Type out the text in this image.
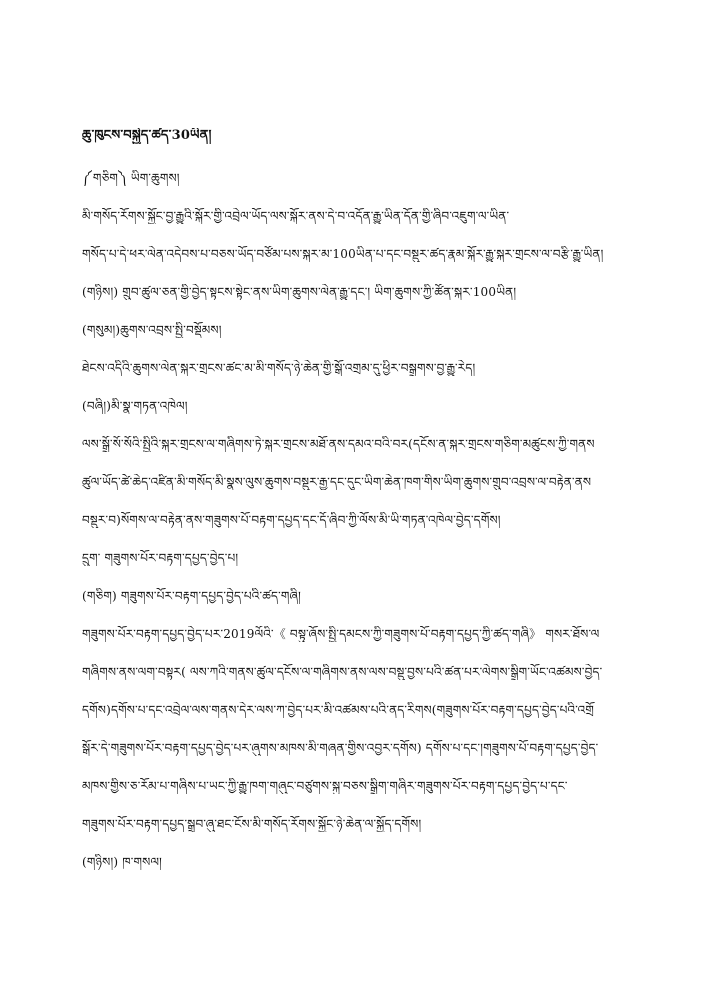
ཆུ་ཁུངས་བསྐྱེད་ཚད་30ཡིན།
༼གཅིག༽ ཡིག་ཆུགས།
མི་གསོད་རོགས་སྐྱོང་བྱ་རྒྱུའི་སྐོར་གྱི་འབྲེལ་ཡོད་ལས་སྐོར་ནས་དེ་བ་འདོན་རྒྱུ་ཡིན་དོན་གྱི་ཞིབ་འཇུག་ལ་ཡིན་
གསོད་པ་དེ་ཕར་ལེན་འདེབས་པ་བཅས་ཡོད་བཙོམ་པས་སྐར་མ་100ཡིན་པ་དང་བསྡུར་ཚད་རྣམ་སྐོར་རྒྱུ་སྐར་གྲངས་ལ་བརྩི་རྒྱུ་ཡིན།
(གཉིས།) གྲུབ་ཚུལ་ཅན་གྱི་བྱེད་སྟངས་སྟེང་ནས་ཡིག་ཆུགས་ལེན་རྒྱུ་དང་། ཡིག་ཆུགས་ཀྱི་ཚོན་སྐར་100ཡིན།
(གསུམ།)ཆུགས་འབྲས་སྤྱི་བསྡོམས།
ཐེངས་འདིའི་ཆུགས་ལེན་སྐར་གྲངས་ཚང་མ་མི་གསོད་ཉེ་ཆེན་གྱི་སྒོ་འགྲམ་དུ་ཕྱིར་བསྒྲགས་བྱ་རྒྱུ་རེད།
(བཞི།)མི་སྣ་གཏན་འཁེལ།
ལས་སྒྲོ་སོ་སོའི་སྤྱིའི་སྐར་གྲངས་ལ་གཞིགས་ཏེ་སྐར་གྲངས་མཐོ་ནས་དམའ་བའི་བར(དངོས་ན་སྐར་གྲངས་གཅིག་མཚུངས་ཀྱི་གནས
ཚུལ་ཡོད་ཚེ་ཆེད་འཛིན་མི་གསོད་མི་སྣས་ལུས་ཆུགས་བསྡུར་རྒྱ་དང་དུང་ཡིག་ཆེན་ཁག་གིས་ཡིག་ཆུགས་གྲུབ་འབྲས་ལ་བརྟེན་ནས
བསྡུར་བ)སོགས་ལ་བརྟེན་ནས་གཟུགས་པོ་བརྟག་དཔྱད་དང་དོ་ཞིབ་ཀྱི་ལོས་མི་ཡི་གཏན་འཁེལ་བྱེད་དགོས།
དྲུག་ གཟུགས་པོར་བརྟག་དཔྱད་བྱེད་པ།
(གཅིག) གཟུགས་པོར་བརྟག་དཔྱད་བྱེད་པའི་ཚད་གཞི།
གཟུགས་པོར་བརྟག་དཔྱད་བྱེད་པར་2019ལོའི་《 བསྟུ་ཞོས་སྤྱི་དམངས་ཀྱི་གཟུགས་པོ་བརྟག་དཔྱད་ཀྱི་ཚད་གཞི》 གསར་ཐོས་ལ
གཞིགས་ནས་ལག་བསྟར( ལས་ཀའི་གནས་ཚུལ་དངོས་ལ་གཞིགས་ནས་ལས་བསྡུ་བྱས་པའི་ཚན་པར་ལེགས་སྒྲིག་ཡོང་འཚམས་བྱེད་
དགོས)དགོས་པ་དང་འབྲེལ་ལས་གནས་དེར་ལས་ཀ་བྱེད་པར་མི་འཚམས་པའི་ནད་རིགས(གཟུགས་པོར་བརྟག་དཔྱད་བྱེད་པའི་འགྲོ
སྒོར་དེ་གཟུགས་པོར་བརྟག་དཔྱད་བྱེད་པར་ཞུགས་མཁས་མི་གཞན་གྱིས་འབྱར་དགོས) དགོས་པ་དང་།གཟུགས་པོ་བརྟག་དཔྱད་བྱེད་
མཁས་གྱིས་ཅ་རོམ་པ་གཞིས་པ་ཡང་ཀྱི་རྒྱུ་ཁག་གཞུང་བཙུགས་སྐུ་བཅས་སྒྲིག་གཞིར་གཟུགས་པོར་བརྟག་དཔྱད་བྱེད་པ་དང་
གཟུགས་པོར་བརྟག་དཔྱད་སྒྲུབ་ཞུ་ཐང་ངོས་མི་གསོད་རོགས་སྐྱོང་ཉེ་ཆེན་ལ་སྐྱོད་དགོས།
(གཉིས།) ཁ་གསལ།
